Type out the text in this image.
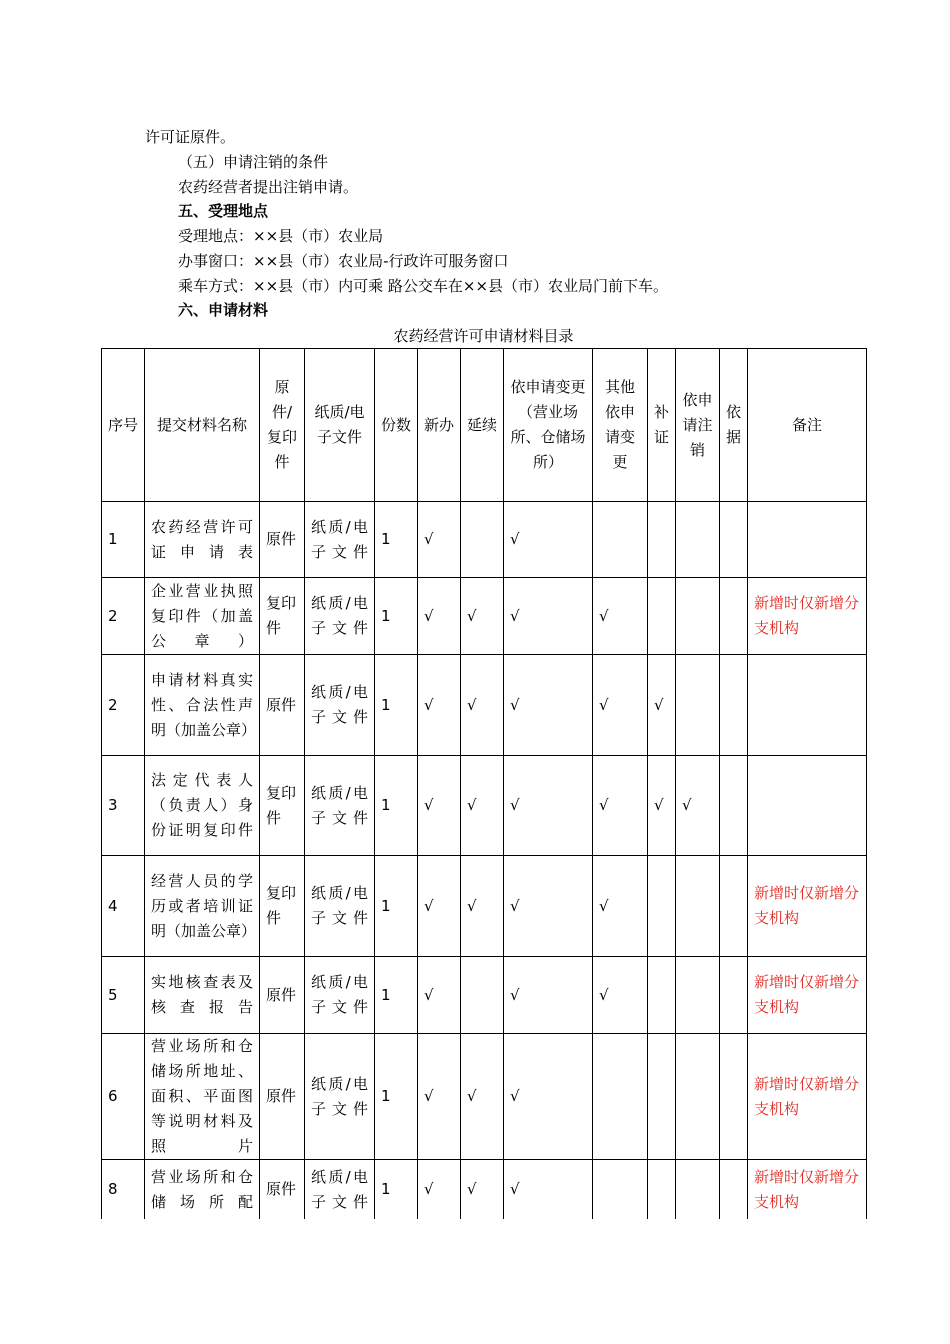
许可证原件。
（五）申请注销的条件
农药经营者提出注销申请。
五、受理地点
受理地点：××县（市）农业局
办事窗口：××县（市）农业局-行政许可服务窗口
乘车方式：××县（市）内可乘 路公交车在××县（市）农业局门前下车。
六、申请材料
农药经营许可申请材料目录
序号	提交材料名称	原件/复印件	纸质/电子文件	份数	新办	延续	依申请变更（营业场所、仓储场所）	其他依申请变更	补证	依申请注销	依据	备注
1	农药经营许可证申请表	原件	纸质/电子文件	1	√		√					
2	企业营业执照复印件（加盖公章）	复印件	纸质/电子文件	1	√	√	√	√				新增时仅新增分支机构
2	申请材料真实性、合法性声明（加盖公章）	原件	纸质/电子文件	1	√	√	√	√	√			
3	法定代表人（负责人）身份证明复印件	复印件	纸质/电子文件	1	√	√	√	√	√	√		
4	经营人员的学历或者培训证明（加盖公章）	复印件	纸质/电子文件	1	√	√	√	√				新增时仅新增分支机构
5	实地核查表及核查报告	原件	纸质/电子文件	1	√		√	√				新增时仅新增分支机构
6	营业场所和仓储场所地址、面积、平面图等说明材料及照片	原件	纸质/电子文件	1	√	√	√					新增时仅新增分支机构
8	营业场所和仓储场所配	原件	纸质/电子文件	1	√	√	√					新增时仅新增分支机构
